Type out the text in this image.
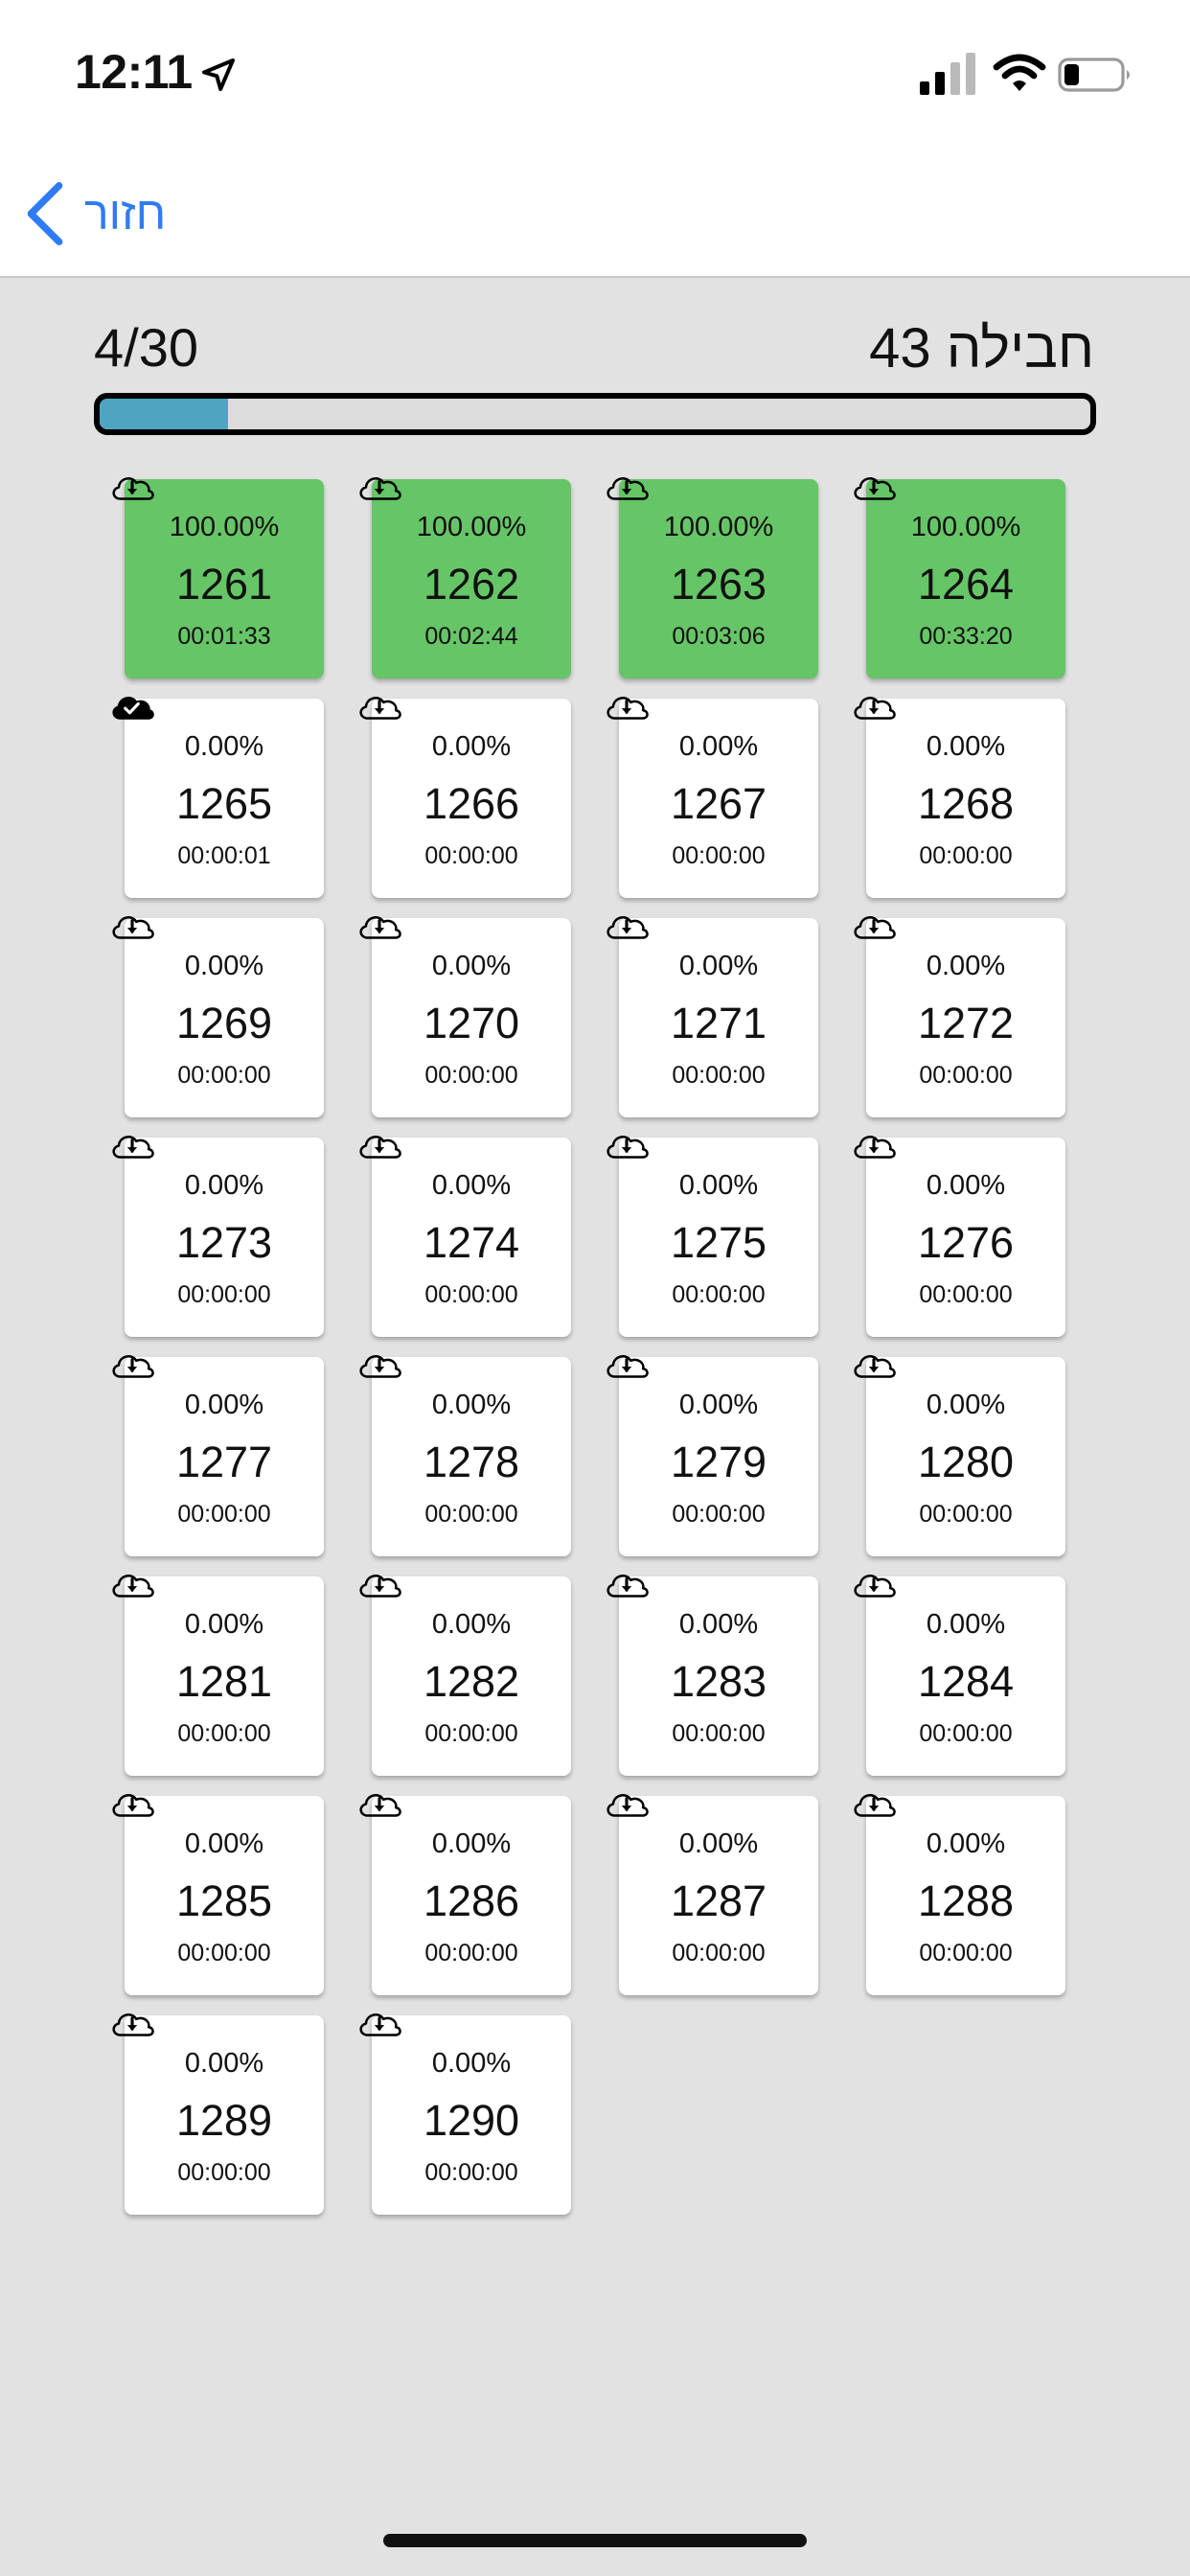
12:11
חזור
4/30	חבילה 43
100.00%
1261
00:01:33
100.00%
1262
00:02:44
100.00%
1263
00:03:06
100.00%
1264
00:33:20
0.00%
1265
00:00:01
0.00%
1266
00:00:00
0.00%
1267
00:00:00
0.00%
1268
00:00:00
0.00%
1269
00:00:00
0.00%
1270
00:00:00
0.00%
1271
00:00:00
0.00%
1272
00:00:00
0.00%
1273
00:00:00
0.00%
1274
00:00:00
0.00%
1275
00:00:00
0.00%
1276
00:00:00
0.00%
1277
00:00:00
0.00%
1278
00:00:00
0.00%
1279
00:00:00
0.00%
1280
00:00:00
0.00%
1281
00:00:00
0.00%
1282
00:00:00
0.00%
1283
00:00:00
0.00%
1284
00:00:00
0.00%
1285
00:00:00
0.00%
1286
00:00:00
0.00%
1287
00:00:00
0.00%
1288
00:00:00
0.00%
1289
00:00:00
0.00%
1290
00:00:00
